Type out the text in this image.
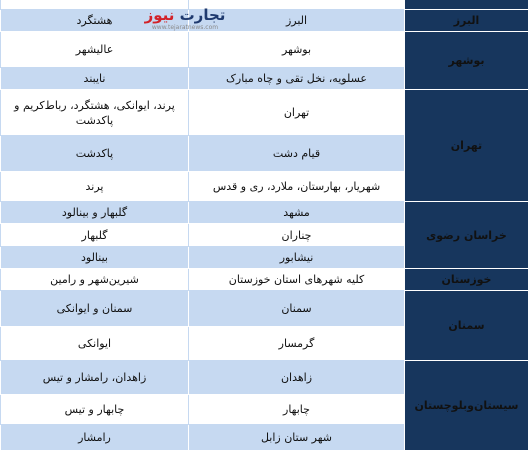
البرز	البرز	هشتگرد
بوشهر	بوشهر	عالیشهر
	عسلویه، نخل تقی و چاه مبارک	نایبند
تهران	تهران	پرند، ایوانکی، هشتگرد، رباط‌کریم و پاکدشت
	قیام دشت	پاکدشت
	شهریار، بهارستان، ملارد، ری و قدس	پرند
خراسان رضوی	مشهد	گلبهار و بینالود
	چناران	گلبهار
	نیشابور	بینالود
خوزستان	کلیه شهرهای استان خوزستان	شیرین‌شهر و رامین
سمنان	سمنان	سمنان و ایوانکی
	گرمسار	ایوانکی
سیستان‌وبلوچستان	زاهدان	زاهدان، رامشار و تیس
	چابهار	چابهار و تیس
	شهر ستان زابل	رامشار
تجارت نیوز
www.tejaratnews.com
